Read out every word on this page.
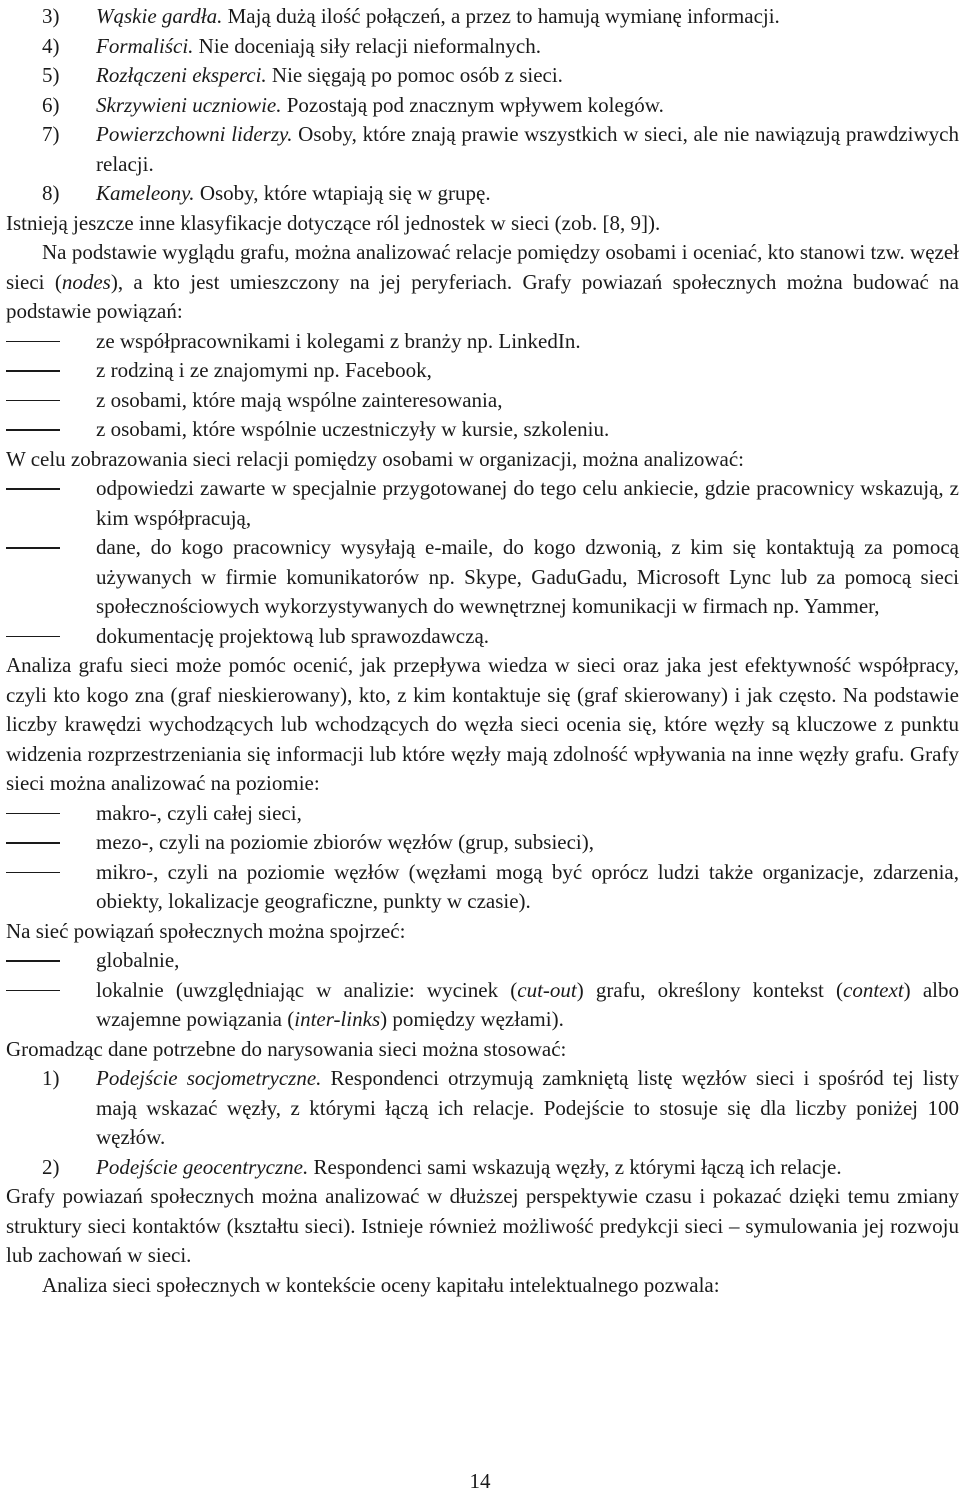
3) Wąskie gardła. Mają dużą ilość połączeń, a przez to hamują wymianę informacji.
4) Formaliści. Nie doceniają siły relacji nieformalnych.
5) Rozłączeni eksperci. Nie sięgają po pomoc osób z sieci.
6) Skrzywieni uczniowie. Pozostają pod znacznym wpływem kolegów.
7) Powierzchowni liderzy. Osoby, które znają prawie wszystkich w sieci, ale nie nawiązują prawdziwych relacji.
8) Kameleony. Osoby, które wtapiają się w grupę.

Istnieją jeszcze inne klasyfikacje dotyczące ról jednostek w sieci (zob. [8, 9]).

Na podstawie wyglądu grafu, można analizować relacje pomiędzy osobami i oceniać, kto stanowi tzw. węzeł sieci (nodes), a kto jest umieszczony na jej peryferiach. Grafy powiazań społecznych można budować na podstawie powiązań:

ze współpracownikami i kolegami z branży np. LinkedIn.
z rodziną i ze znajomymi np. Facebook,
z osobami, które mają wspólne zainteresowania,
z osobami, które wspólnie uczestniczyły w kursie, szkoleniu.

W celu zobrazowania sieci relacji pomiędzy osobami w organizacji, można analizować:

odpowiedzi zawarte w specjalnie przygotowanej do tego celu ankiecie, gdzie pracownicy wskazują, z kim współpracują,
dane, do kogo pracownicy wysyłają e-maile, do kogo dzwonią, z kim się kontaktują za pomocą używanych w firmie komunikatorów np. Skype, GaduGadu, Microsoft Lync lub za pomocą sieci społecznościowych wykorzystywanych do wewnętrznej komunikacji w firmach np. Yammer,
dokumentację projektową lub sprawozdawczą.

Analiza grafu sieci może pomóc ocenić, jak przepływa wiedza w sieci oraz jaka jest efektywność współpracy, czyli kto kogo zna (graf nieskierowany), kto, z kim kontaktuje się (graf skierowany) i jak często. Na podstawie liczby krawędzi wychodzących lub wchodzących do węzła sieci ocenia się, które węzły są kluczowe z punktu widzenia rozprzestrzeniania się informacji lub które węzły mają zdolność wpływania na inne węzły grafu. Grafy sieci można analizować na poziomie:

makro-, czyli całej sieci,
mezo-, czyli na poziomie zbiorów węzłów (grup, subsieci),
mikro-, czyli na poziomie węzłów (węzłami mogą być oprócz ludzi także organizacje, zdarzenia, obiekty, lokalizacje geograficzne, punkty w czasie).

Na sieć powiązań społecznych można spojrzeć:

globalnie,
lokalnie (uwzględniając w analizie: wycinek (cut-out) grafu, określony kontekst (context) albo wzajemne powiązania (inter-links) pomiędzy węzłami).

Gromadząc dane potrzebne do narysowania sieci można stosować:

1) Podejście socjometryczne. Respondenci otrzymują zamkniętą listę węzłów sieci i spośród tej listy mają wskazać węzły, z którymi łączą ich relacje. Podejście to stosuje się dla liczby poniżej 100 węzłów.
2) Podejście geocentryczne. Respondenci sami wskazują węzły, z którymi łączą ich relacje.

Grafy powiazań społecznych można analizować w dłuższej perspektywie czasu i pokazać dzięki temu zmiany struktury sieci kontaktów (kształtu sieci). Istnieje również możliwość predykcji sieci – symulowania jej rozwoju lub zachowań w sieci.

Analiza sieci społecznych w kontekście oceny kapitału intelektualnego pozwala:

14
